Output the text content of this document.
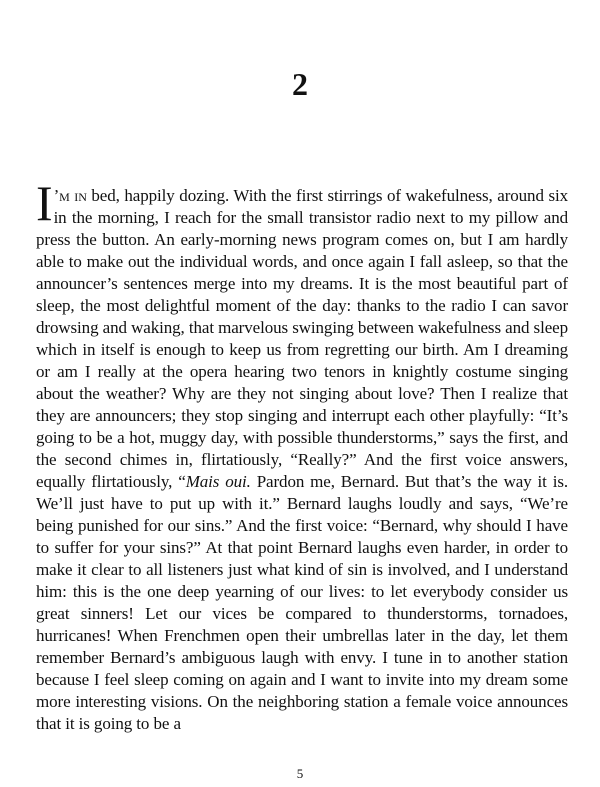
2

I ’m in bed, happily dozing. With the first stirrings of wakefulness, around six in the morning, I reach for the small transistor radio next to my pillow and press the button. An early-morning news program comes on, but I am hardly able to make out the individual words, and once again I fall asleep, so that the announcer’s sentences merge into my dreams. It is the most beautiful part of sleep, the most delightful moment of the day: thanks to the radio I can savor drowsing and waking, that marvelous swinging between wakefulness and sleep which in itself is enough to keep us from regretting our birth. Am I dreaming or am I really at the opera hearing two tenors in knightly costume singing about the weather? Why are they not singing about love? Then I realize that they are announcers; they stop singing and interrupt each other playfully: “It’s going to be a hot, muggy day, with possible thunderstorms,” says the first, and the second chimes in, flirtatiously, “Really?” And the first voice answers, equally flirtatiously, “Mais oui. Pardon me, Bernard. But that’s the way it is. We’ll just have to put up with it.” Bernard laughs loudly and says, “We’re being punished for our sins.” And the first voice: “Bernard, why should I have to suffer for your sins?” At that point Bernard laughs even harder, in order to make it clear to all listeners just what kind of sin is involved, and I understand him: this is the one deep yearning of our lives: to let everybody consider us great sinners! Let our vices be compared to thunderstorms, tornadoes, hurricanes! When Frenchmen open their umbrellas later in the day, let them remember Bernard’s ambiguous laugh with envy. I tune in to another station because I feel sleep coming on again and I want to invite into my dream some more interesting visions. On the neighboring station a female voice announces that it is going to be a

5
